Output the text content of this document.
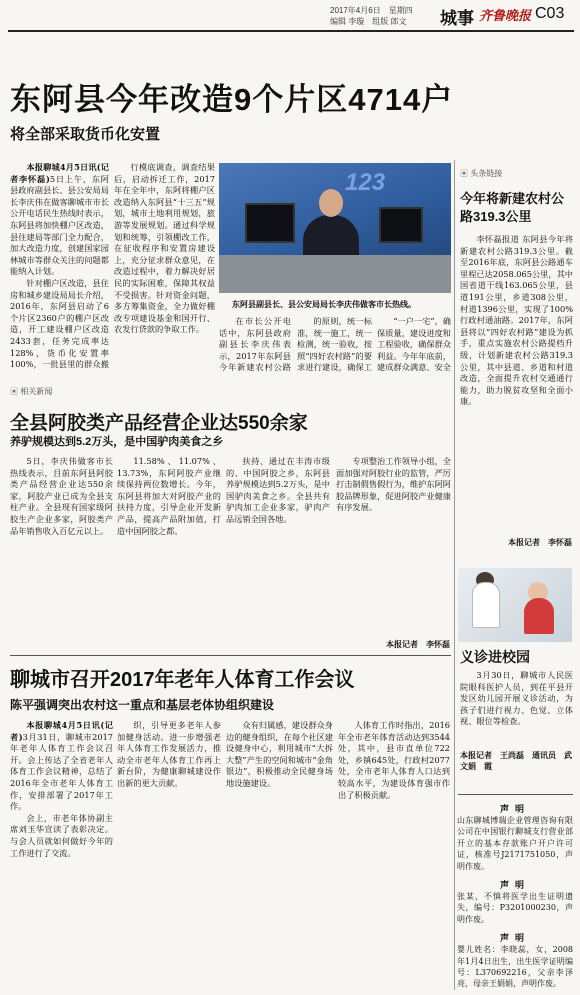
2017年4月6日　星期四
编辑 李璇　组版 郎文	城事 齐鲁晚报 C03
东阿县今年改造9个片区4714户
将全部采取货币化安置

本报聊城4月5日讯(记者李怀磊)5日上午，东阿县政府副县长、县公安局局长李庆伟在做客聊城市市长公开电话民生热线时表示，东阿县将加快棚户区改造，县住建局等部门全力配合，加大改造力度，创建国家园林城市等群众关注的问题都能纳入计划。

针对棚户区改造，县住房和城乡建设局局长介绍，2016年，东阿县启动了6个片区2360户的棚户区改造，开工建设棚户区改造2433套，任务完成率达128%，货币化安置率100%，一批县里的群众搬

行模底调查，调查结果后，启动拆迁工作，2017年在全年中，东阿将棚户区改造纳入东阿县“十三五”规划，城市土地利用规划，旅游等发展规划。通过科学规划和统筹，引领棚改工作，在征收程序和安置房建设上，充分征求群众意见，在改造过程中，着力解决好居民的实际困难，保障其权益不受损害。针对资金问题，多方筹集资金，全力做好棚改专项建设基金和国开行、农发行贷款的争取工作。

123
东阿县副县长、县公安局局长李庆伟做客市长热线。

在市长公开电话中，东阿县政府副县长李庆伟表示，2017年东阿县今年新建农村公路

的原则，统一标准，统一施工，统一检测，统一验收，按照“四好农村路”的要求进行建设，确保工

“一户一宅”，确保质量，建设进度和工程验收，确保群众利益。今年年底前，建成群众满意、安全

▣ 头条链接
今年将新建农村公路319.3公里

李怀磊报道 东阿县今年将新建农村公路319.3公里。截至2016年底，东阿县公路通车里程已达2058.065公里，其中国省道干线163.065公里，县道191公里，乡道308公里，村道1396公里，实现了100%行政村通油路。2017年，东阿县将以“四好农村路”建设为抓手，重点实施农村公路提档升级，计划新建农村公路319.3公里，其中县道、乡道和村道改造，全面提升农村交通通行能力，助力脱贫攻坚和全面小康。

本报记者　李怀磊
▣ 相关新闻
全县阿胶类产品经营企业达550余家
养驴规模达到5.2万头，是中国驴肉美食之乡

5日，李庆伟做客市长热线表示，目前东阿县阿胶类产品经营企业达550余家，阿胶产业已成为全县支柱产业。全县现有国家级阿胶生产企业多家，阿胶类产品年销售收入百亿元以上。

11.58%、11.07%、13.73%，东阿阿胶产业继续保持两位数增长。今年，东阿县将加大对阿胶产业的扶持力度，引导企业开发新产品，提高产品附加值，打造中国阿胶之都。

扶持、通过在丰涛市级的、中国阿胶之乡，东阿县养驴规模达到5.2万头，是中国驴肉美食之乡。全县共有驴肉加工企业多家，驴肉产品远销全国各地。

专项整治工作领导小组，全面加强对阿胶行业的监管，严厉打击制假售假行为，维护东阿阿胶品牌形象，促进阿胶产业健康有序发展。

本报记者　李怀磊
聊城市召开2017年老年人体育工作会议
陈平强调突出农村这一重点和基层老体协组织建设

本报聊城4月5日讯(记者)3月31日，聊城市2017年老年人体育工作会议召开。会上传达了全省老年人体育工作会议精神，总结了2016年全市老年人体育工作，安排部署了2017年工作。

会上，市老年体协副主席刘玉华宣读了表彰决定。与会人员就如何做好今年的工作进行了交流。

织，引导更多老年人参加健身活动。进一步增强老年人体育工作发展活力，推动全市老年人体育工作再上新台阶，为健康聊城建设作出新的更大贡献。

众有归属感，建设群众身边的健身组织，在每个社区建设健身中心，利用城市“大拆大整”产生的空间和城市“金角银边”，积极推动全民健身场地设施建设。

人体育工作时指出，2016年全市老年体育活动达到3544处，其中，县市直单位722处，乡镇645处，行政村2077处，全市老年人体育人口达到较高水平，为建设体育强市作出了积极贡献。

义诊进校园

3月30日，聊城市人民医院眼科医护人员，到茌平县开发区幼儿园开展义诊活动，为孩子们进行视力、色觉、立体视、眼位等检查。

本报记者　王尚磊　通讯员　武文娟　霞
声明
山东聊城博瑞企业管理咨询有限公司在中国银行聊城支行营业部开立的基本存款账户开户许可证，核准号J2171751050，声明作废。
声明
张某，不慎将医学出生证明遗失，编号：P3201000230，声明作废。
声明
婴儿姓名：李晓蕊，女，2008年1月4日出生，出生医学证明编号：L370692216，父亲李泽亮，母亲王娟娟，声明作废。
